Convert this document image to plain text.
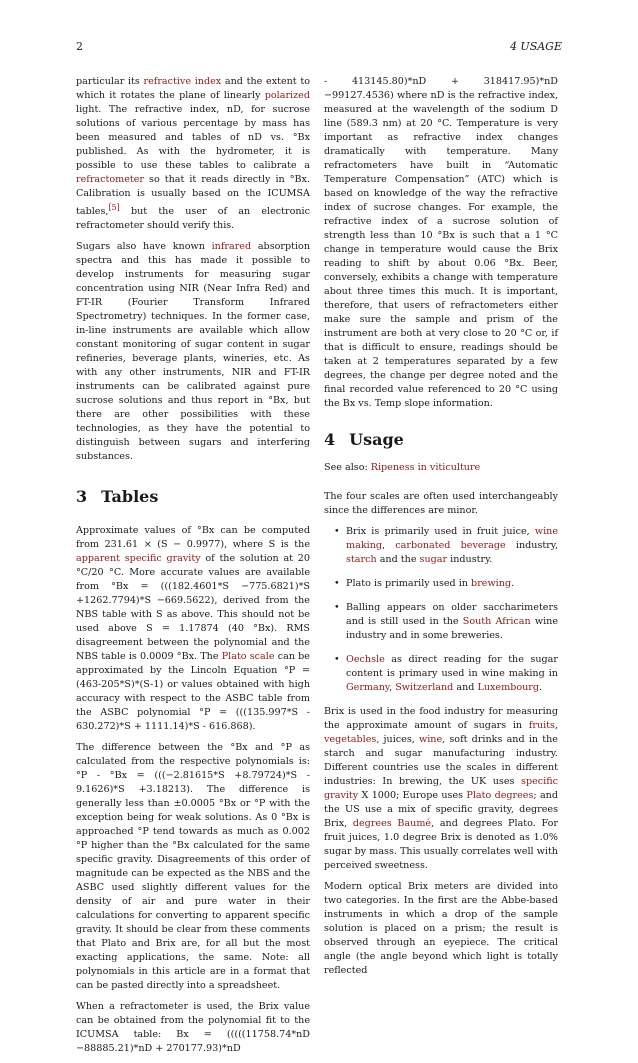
2	4 USAGE

particular its refractive index and the extent to which it rotates the plane of linearly polarized light. The refractive index, nD, for sucrose solutions of various percentage by mass has been measured and tables of nD vs. °Bx published. As with the hydrometer, it is possible to use these tables to calibrate a refractometer so that it reads directly in °Bx. Calibration is usually based on the ICUMSA tables,[5] but the user of an electronic refractometer should verify this.

Sugars also have known infrared absorption spectra and this has made it possible to develop instruments for measuring sugar concentration using NIR (Near Infra Red) and FT-IR (Fourier Transform Infrared Spectrometry) techniques. In the former case, in-line instruments are available which allow constant monitoring of sugar content in sugar refineries, beverage plants, wineries, etc. As with any other instruments, NIR and FT-IR instruments can be calibrated against pure sucrose solutions and thus report in °Bx, but there are other possibilities with these technologies, as they have the potential to distinguish between sugars and interfering substances.

3 Tables

Approximate values of °Bx can be computed from 231.61 × (S − 0.9977), where S is the apparent specific gravity of the solution at 20 °C/20 °C. More accurate values are available from °Bx = (((182.4601*S −775.6821)*S +1262.7794)*S −669.5622), derived from the NBS table with S as above. This should not be used above S = 1.17874 (40 °Bx). RMS disagreement between the polynomial and the NBS table is 0.0009 °Bx. The Plato scale can be approximated by the Lincoln Equation °P = (463-205*S)*(S-1) or values obtained with high accuracy with respect to the ASBC table from the ASBC polynomial °P = (((135.997*S - 630.272)*S + 1111.14)*S - 616.868).

The difference between the °Bx and °P as calculated from the respective polynomials is: °P - °Bx = (((−2.81615*S +8.79724)*S - 9.1626)*S +3.18213). The difference is generally less than ±0.0005 °Bx or °P with the exception being for weak solutions. As 0 °Bx is approached °P tend towards as much as 0.002 °P higher than the °Bx calculated for the same specific gravity. Disagreements of this order of magnitude can be expected as the NBS and the ASBC used slightly different values for the density of air and pure water in their calculations for converting to apparent specific gravity. It should be clear from these comments that Plato and Brix are, for all but the most exacting applications, the same. Note: all polynomials in this article are in a format that can be pasted directly into a spreadsheet.

When a refractometer is used, the Brix value can be obtained from the polynomial fit to the ICUMSA table: Bx = (((((11758.74*nD −88885.21)*nD + 270177.93)*nD

- 413145.80)*nD + 318417.95)*nD −99127.4536) where nD is the refractive index, measured at the wavelength of the sodium D line (589.3 nm) at 20 °C. Temperature is very important as refractive index changes dramatically with temperature. Many refractometers have built in “Automatic Temperature Compensation” (ATC) which is based on knowledge of the way the refractive index of sucrose changes. For example, the refractive index of a sucrose solution of strength less than 10 °Bx is such that a 1 °C change in temperature would cause the Brix reading to shift by about 0.06 °Bx. Beer, conversely, exhibits a change with temperature about three times this much. It is important, therefore, that users of refractometers either make sure the sample and prism of the instrument are both at very close to 20 °C or, if that is difficult to ensure, readings should be taken at 2 temperatures separated by a few degrees, the change per degree noted and the final recorded value referenced to 20 °C using the Bx vs. Temp slope information.

4 Usage

See also: Ripeness in viticulture

The four scales are often used interchangeably since the differences are minor.

• Brix is primarily used in fruit juice, wine making, carbonated beverage industry, starch and the sugar industry.
• Plato is primarily used in brewing.
• Balling appears on older saccharimeters and is still used in the South African wine industry and in some breweries.
• Oechsle as direct reading for the sugar content is primary used in wine making in Germany, Switzerland and Luxembourg.

Brix is used in the food industry for measuring the approximate amount of sugars in fruits, vegetables, juices, wine, soft drinks and in the starch and sugar manufacturing industry. Different countries use the scales in different industries: In brewing, the UK uses specific gravity X 1000; Europe uses Plato degrees; and the US use a mix of specific gravity, degrees Brix, degrees Baumé, and degrees Plato. For fruit juices, 1.0 degree Brix is denoted as 1.0% sugar by mass. This usually correlates well with perceived sweetness.

Modern optical Brix meters are divided into two categories. In the first are the Abbe-based instruments in which a drop of the sample solution is placed on a prism; the result is observed through an eyepiece. The critical angle (the angle beyond which light is totally reflected
